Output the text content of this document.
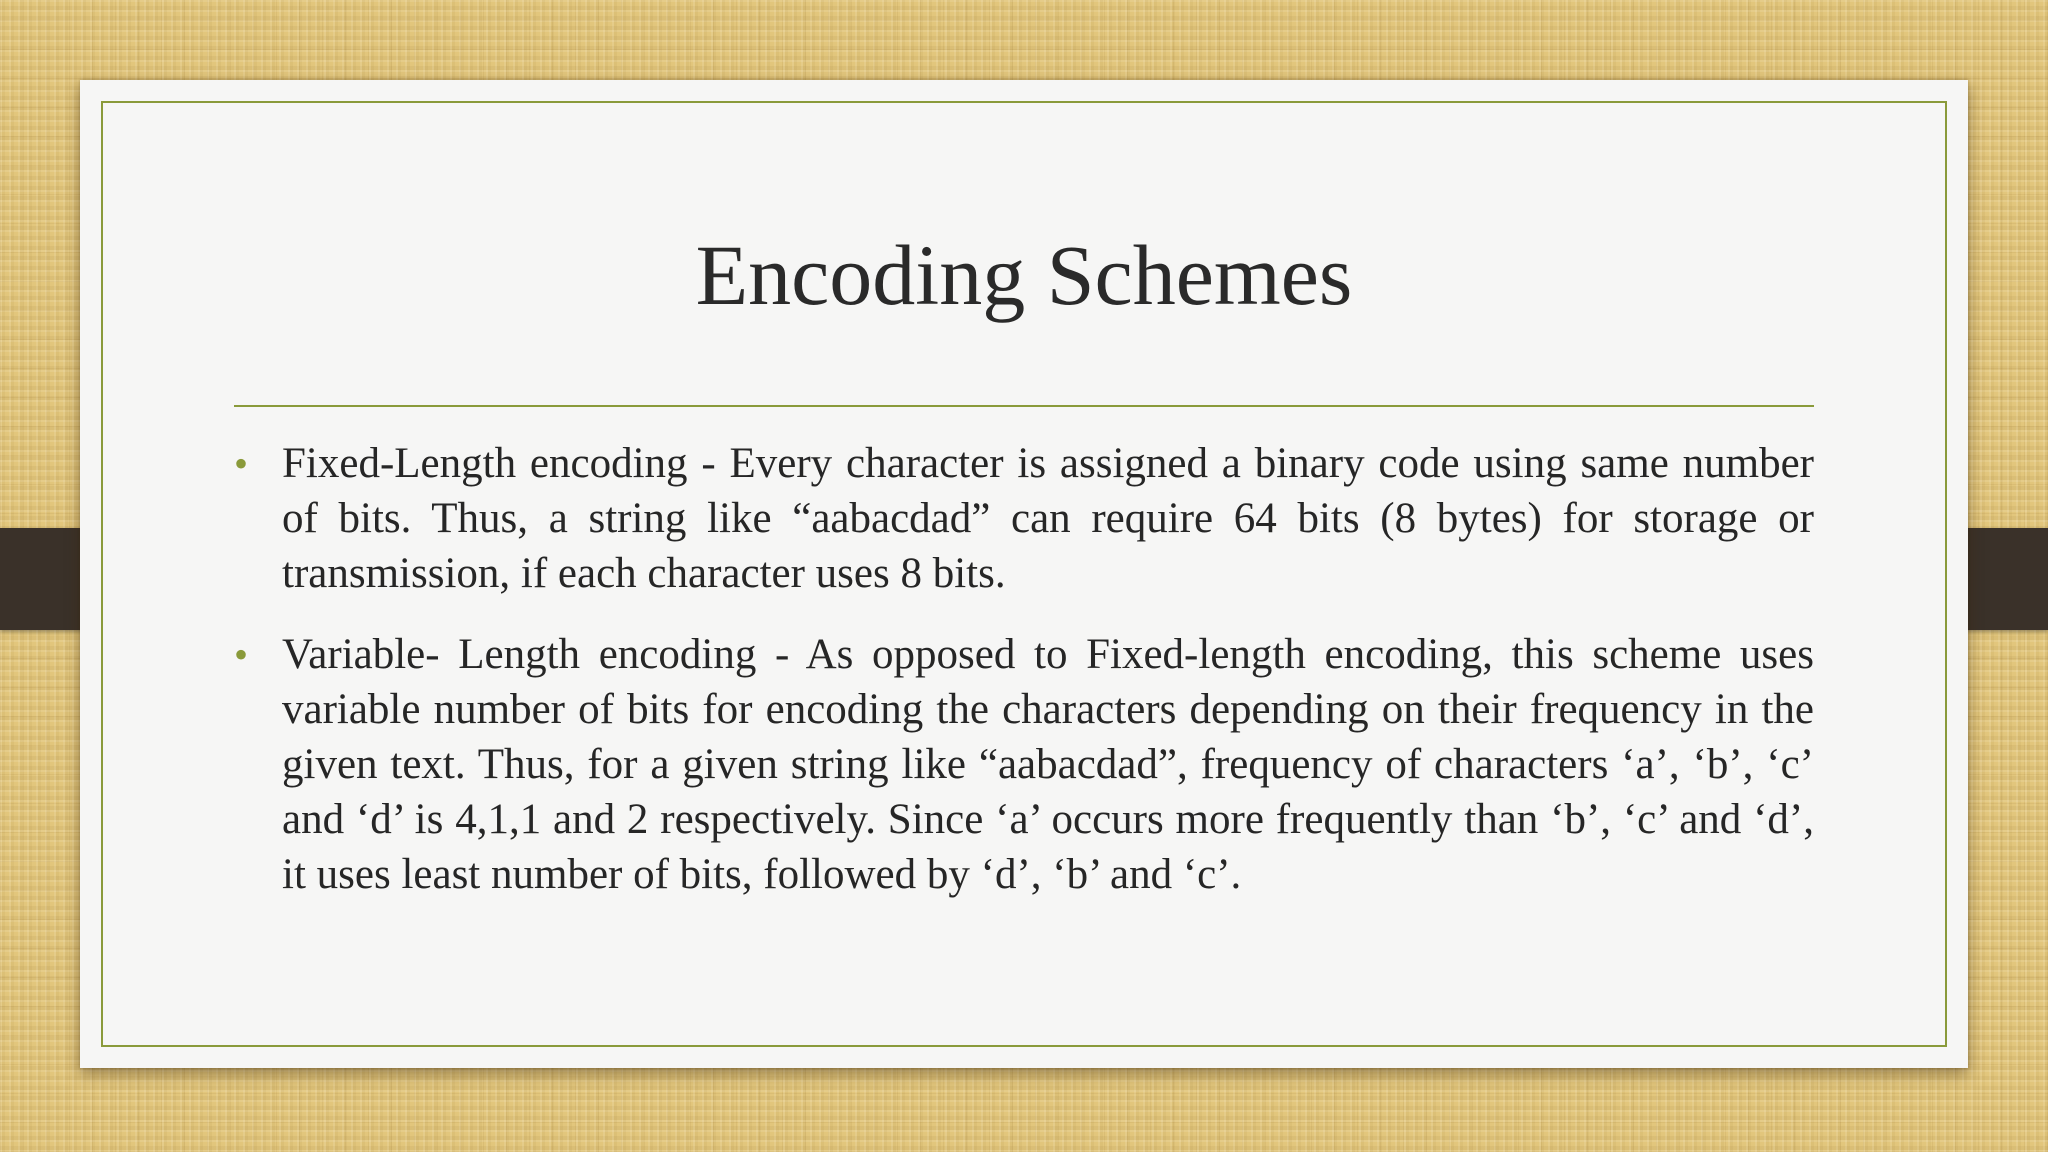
Encoding Schemes
• Fixed-Length encoding - Every character is assigned a binary code using same number of bits. Thus, a string like “aabacdad” can require 64 bits (8 bytes) for storage or transmission, if each character uses 8 bits.
• Variable- Length encoding - As opposed to Fixed-length encoding, this scheme uses variable number of bits for encoding the characters depending on their frequency in the given text. Thus, for a given string like “aabacdad”, frequency of characters ‘a’, ‘b’, ‘c’ and ‘d’ is 4,1,1 and 2 respectively. Since ‘a’ occurs more frequently than ‘b’, ‘c’ and ‘d’, it uses least number of bits, followed by ‘d’, ‘b’ and ‘c’.
